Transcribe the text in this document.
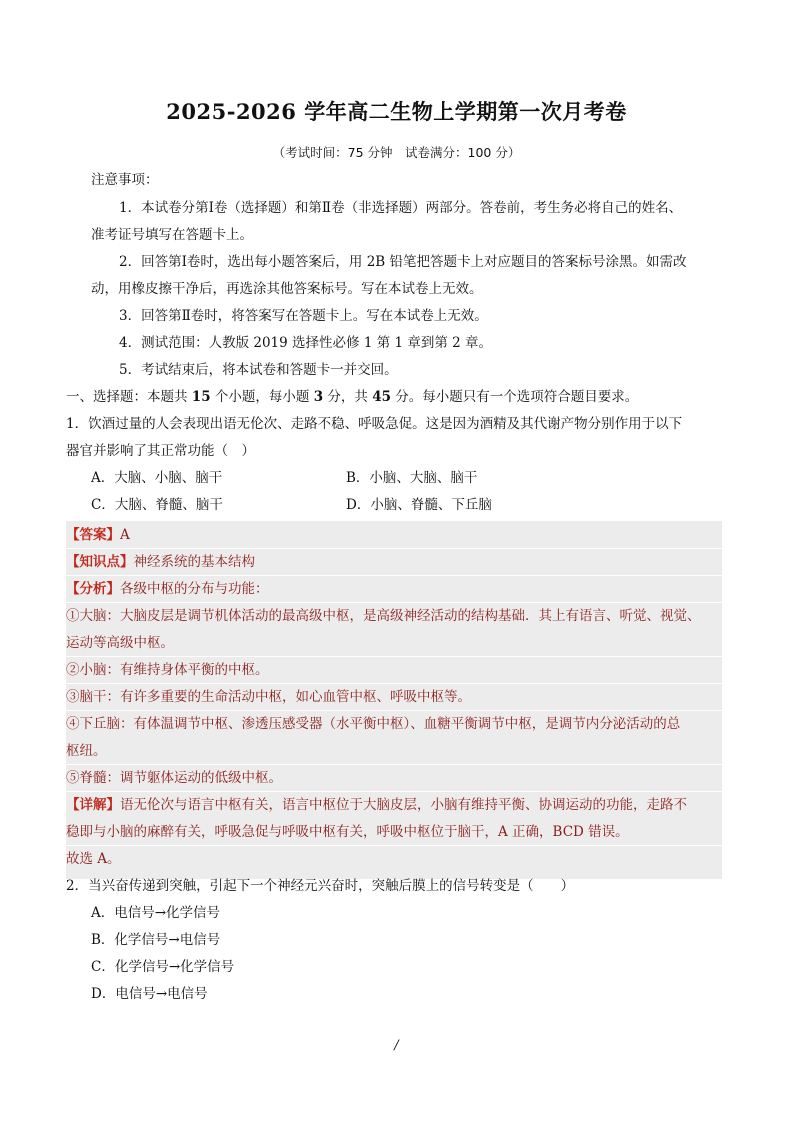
2025-2026 学年高二生物上学期第一次月考卷
（考试时间：75 分钟　试卷满分：100 分）
注意事项：
1．本试卷分第Ⅰ卷（选择题）和第Ⅱ卷（非选择题）两部分。答卷前，考生务必将自己的姓名、
准考证号填写在答题卡上。
2．回答第Ⅰ卷时，选出每小题答案后，用 2B 铅笔把答题卡上对应题目的答案标号涂黑。如需改
动，用橡皮擦干净后，再选涂其他答案标号。写在本试卷上无效。
3．回答第Ⅱ卷时，将答案写在答题卡上。写在本试卷上无效。
4．测试范围：人教版 2019 选择性必修 1 第 1 章到第 2 章。
5．考试结束后，将本试卷和答题卡一并交回。
一、选择题：本题共 15 个小题，每小题 3 分，共 45 分。每小题只有一个选项符合题目要求。
1．饮酒过量的人会表现出语无伦次、走路不稳、呼吸急促。这是因为酒精及其代谢产物分别作用于以下
器官并影响了其正常功能（　）
A．大脑、小脑、脑干	B．小脑、大脑、脑干
C．大脑、脊髓、脑干	D．小脑、脊髓、下丘脑
【答案】A
【知识点】神经系统的基本结构
【分析】各级中枢的分布与功能：
①大脑：大脑皮层是调节机体活动的最高级中枢，是高级神经活动的结构基础．其上有语言、听觉、视觉、
运动等高级中枢。
②小脑：有维持身体平衡的中枢。
③脑干：有许多重要的生命活动中枢，如心血管中枢、呼吸中枢等。
④下丘脑：有体温调节中枢、渗透压感受器（水平衡中枢）、血糖平衡调节中枢，是调节内分泌活动的总
枢纽。
⑤脊髓：调节躯体运动的低级中枢。
【详解】语无伦次与语言中枢有关，语言中枢位于大脑皮层，小脑有维持平衡、协调运动的功能，走路不
稳即与小脑的麻醉有关，呼吸急促与呼吸中枢有关，呼吸中枢位于脑干，A 正确，BCD 错误。
故选 A。
2．当兴奋传递到突触，引起下一个神经元兴奋时，突触后膜上的信号转变是（　　）
A．电信号→化学信号
B．化学信号→电信号
C．化学信号→化学信号
D．电信号→电信号
/
